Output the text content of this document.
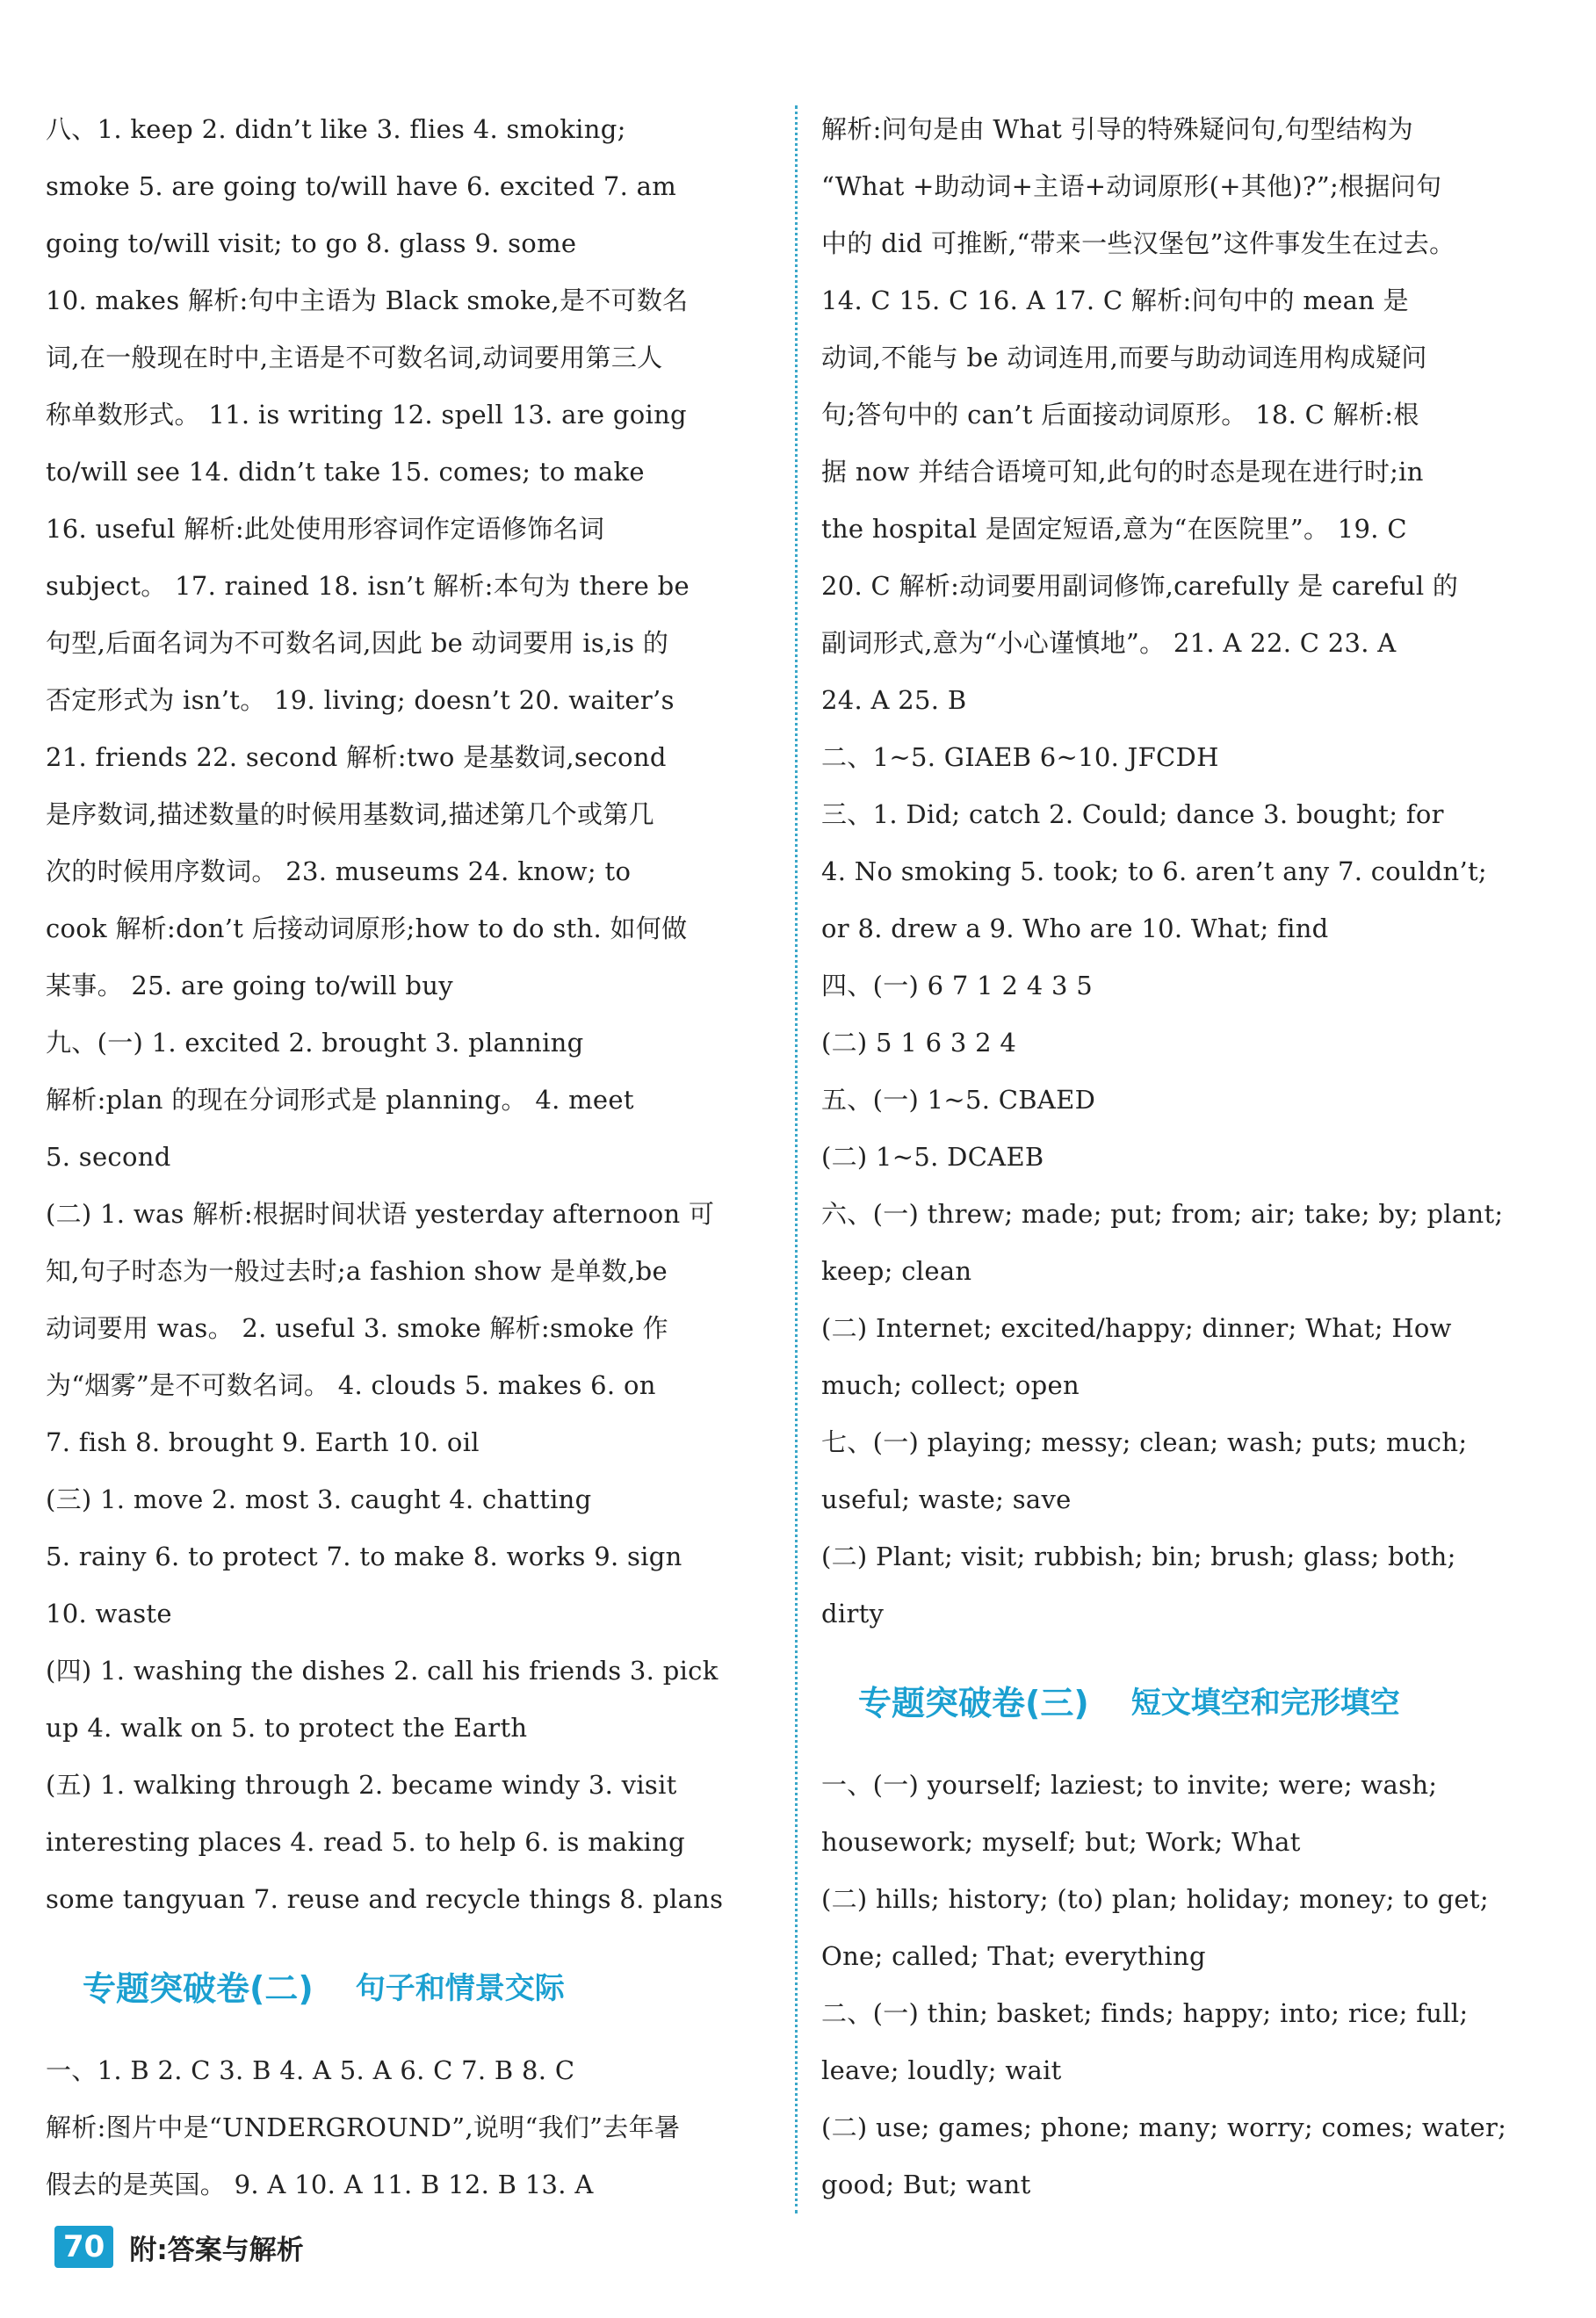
八、1. keep 2. didn’t like 3. flies 4. smoking;
smoke 5. are going to/will have 6. excited 7. am
going to/will visit; to go 8. glass 9. some
10. makes 解析:句中主语为 Black smoke,是不可数名
词,在一般现在时中,主语是不可数名词,动词要用第三人
称单数形式。 11. is writing 12. spell 13. are going
to/will see 14. didn’t take 15. comes; to make
16. useful 解析:此处使用形容词作定语修饰名词
subject。 17. rained 18. isn’t 解析:本句为 there be
句型,后面名词为不可数名词,因此 be 动词要用 is,is 的
否定形式为 isn’t。 19. living; doesn’t 20. waiter’s
21. friends 22. second 解析:two 是基数词,second
是序数词,描述数量的时候用基数词,描述第几个或第几
次的时候用序数词。 23. museums 24. know; to
cook 解析:don’t 后接动词原形;how to do sth. 如何做
某事。 25. are going to/will buy
九、(一) 1. excited 2. brought 3. planning
解析:plan 的现在分词形式是 planning。 4. meet
5. second
(二) 1. was 解析:根据时间状语 yesterday afternoon 可
知,句子时态为一般过去时;a fashion show 是单数,be
动词要用 was。 2. useful 3. smoke 解析:smoke 作
为“烟雾”是不可数名词。 4. clouds 5. makes 6. on
7. fish 8. brought 9. Earth 10. oil
(三) 1. move 2. most 3. caught 4. chatting
5. rainy 6. to protect 7. to make 8. works 9. sign
10. waste
(四) 1. washing the dishes 2. call his friends 3. pick
up 4. walk on 5. to protect the Earth
(五) 1. walking through 2. became windy 3. visit
interesting places 4. read 5. to help 6. is making
some tangyuan 7. reuse and recycle things 8. plans
专题突破卷(二) 句子和情景交际
一、1. B 2. C 3. B 4. A 5. A 6. C 7. B 8. C
解析:图片中是“UNDERGROUND”,说明“我们”去年暑
假去的是英国。 9. A 10. A 11. B 12. B 13. A
解析:问句是由 What 引导的特殊疑问句,句型结构为
“What +助动词+主语+动词原形(+其他)?”;根据问句
中的 did 可推断,“带来一些汉堡包”这件事发生在过去。
14. C 15. C 16. A 17. C 解析:问句中的 mean 是
动词,不能与 be 动词连用,而要与助动词连用构成疑问
句;答句中的 can’t 后面接动词原形。 18. C 解析:根
据 now 并结合语境可知,此句的时态是现在进行时;in
the hospital 是固定短语,意为“在医院里”。 19. C
20. C 解析:动词要用副词修饰,carefully 是 careful 的
副词形式,意为“小心谨慎地”。 21. A 22. C 23. A
24. A 25. B
二、1~5. GIAEB 6~10. JFCDH
三、1. Did; catch 2. Could; dance 3. bought; for
4. No smoking 5. took; to 6. aren’t any 7. couldn’t;
or 8. drew a 9. Who are 10. What; find
四、(一) 6 7 1 2 4 3 5
(二) 5 1 6 3 2 4
五、(一) 1~5. CBAED
(二) 1~5. DCAEB
六、(一) threw; made; put; from; air; take; by; plant;
keep; clean
(二) Internet; excited/happy; dinner; What; How
much; collect; open
七、(一) playing; messy; clean; wash; puts; much;
useful; waste; save
(二) Plant; visit; rubbish; bin; brush; glass; both;
dirty
专题突破卷(三) 短文填空和完形填空
一、(一) yourself; laziest; to invite; were; wash;
housework; myself; but; Work; What
(二) hills; history; (to) plan; holiday; money; to get;
One; called; That; everything
二、(一) thin; basket; finds; happy; into; rice; full;
leave; loudly; wait
(二) use; games; phone; many; worry; comes; water;
good; But; want
70 附:答案与解析
